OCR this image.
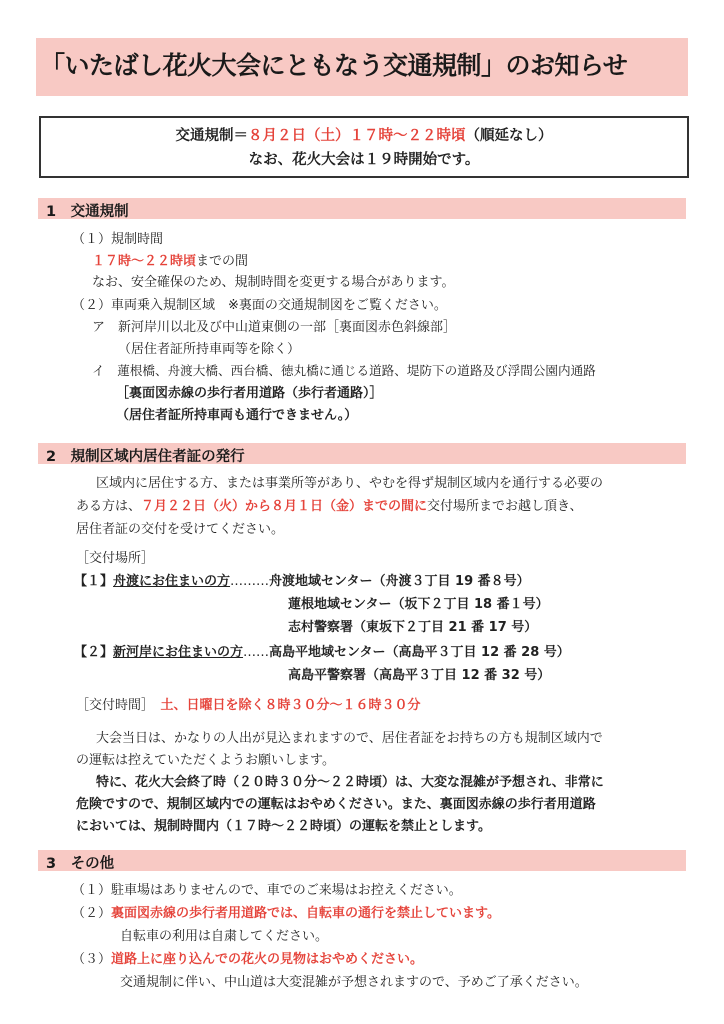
「いたばし花火大会にともなう交通規制」のお知らせ
交通規制＝８月２日（土）１７時～２２時頃（順延なし）
なお、花火大会は１９時開始です。
1　交通規制
（１）規制時間
１７時～２２時頃までの間
なお、安全確保のため、規制時間を変更する場合があります。
（２）車両乗入規制区域　※裏面の交通規制図をご覧ください。
ア　新河岸川以北及び中山道東側の一部［裏面図赤色斜線部］
（居住者証所持車両等を除く）
イ　蓮根橋、舟渡大橋、西台橋、徳丸橋に通じる道路、堤防下の道路及び浮間公園内通路
［裏面図赤線の歩行者用道路（歩行者通路）］
（居住者証所持車両も通行できません。）
2　規制区域内居住者証の発行
区域内に居住する方、または事業所等があり、やむを得ず規制区域内を通行する必要の
ある方は、７月２２日（火）から８月１日（金）までの間に交付場所までお越し頂き、
居住者証の交付を受けてください。
［交付場所］
【１】舟渡にお住まいの方………舟渡地域センター（舟渡３丁目 19 番８号）
蓮根地域センター（坂下２丁目 18 番１号）
志村警察署（東坂下２丁目 21 番 17 号）
【２】新河岸にお住まいの方……高島平地域センター（高島平３丁目 12 番 28 号）
高島平警察署（高島平３丁目 12 番 32 号）
［交付時間］　 土、日曜日を除く８時３０分～１６時３０分
大会当日は、かなりの人出が見込まれますので、居住者証をお持ちの方も規制区域内で
の運転は控えていただくようお願いします。
特に、花火大会終了時（２０時３０分～２２時頃）は、大変な混雑が予想され、非常に
危険ですので、規制区域内での運転はおやめください。また、裏面図赤線の歩行者用道路
においては、規制時間内（１７時～２２時頃）の運転を禁止とします。
3　その他
（１）駐車場はありませんので、車でのご来場はお控えください。
（２）裏面図赤線の歩行者用道路では、自転車の通行を禁止しています。
自転車の利用は自粛してください。
（３）道路上に座り込んでの花火の見物はおやめください。
交通規制に伴い、中山道は大変混雑が予想されますので、予めご了承ください。
